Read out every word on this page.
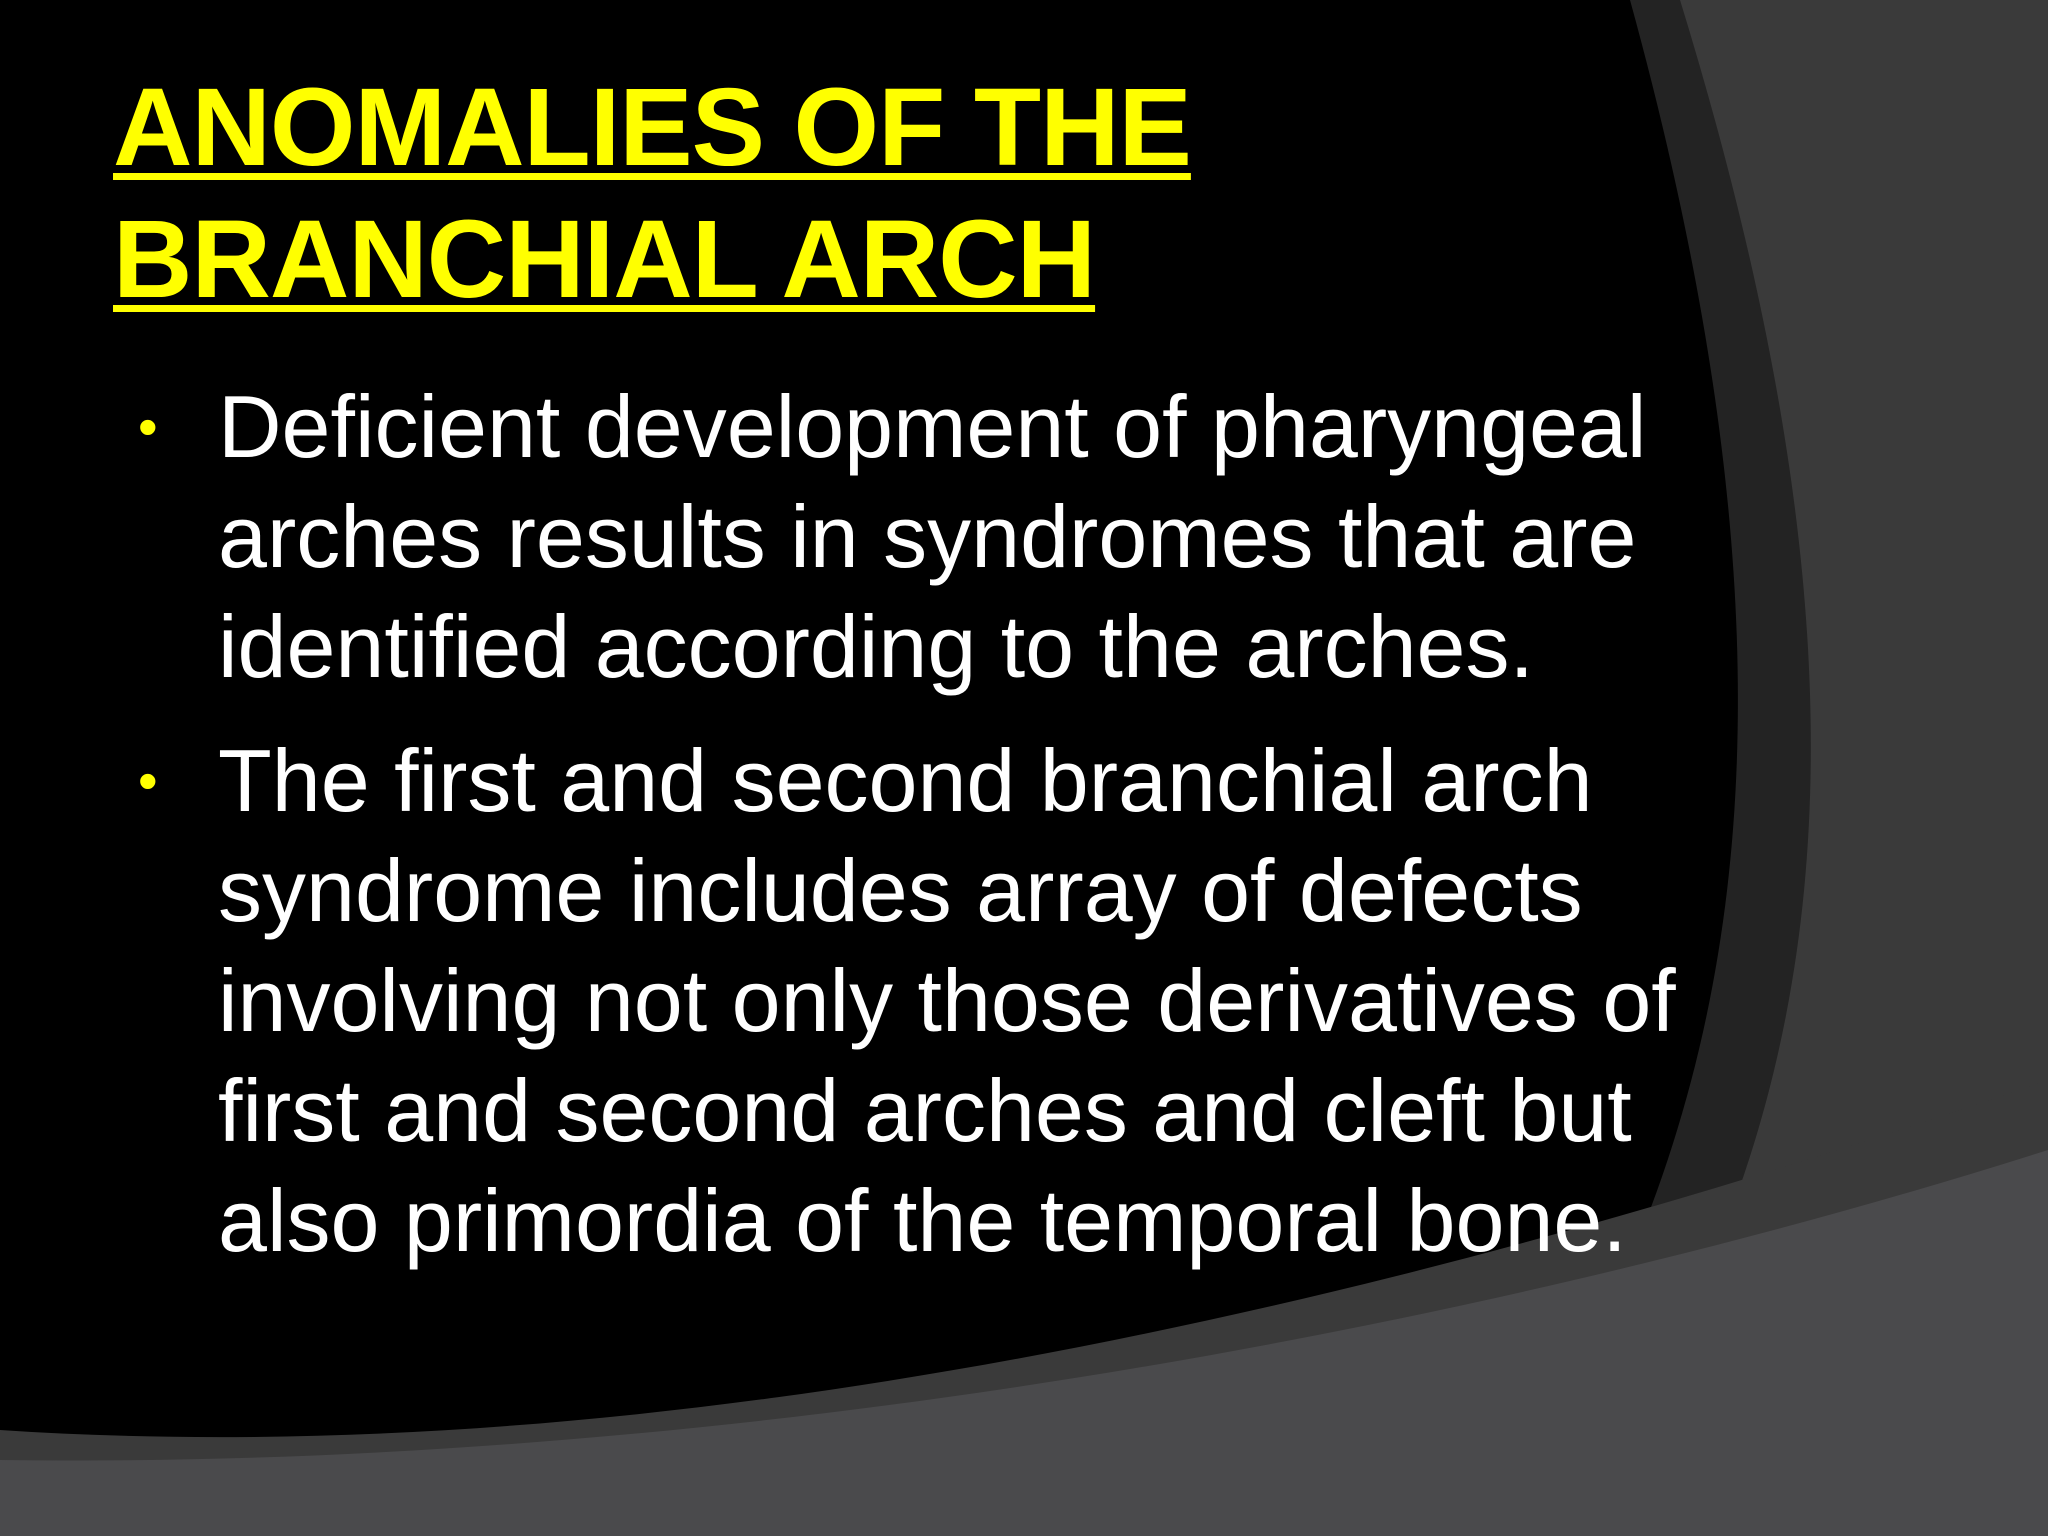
ANOMALIES OF THE
BRANCHIAL ARCH
• Deficient development of pharyngeal
arches results in syndromes that are
identified according to the arches.
• The first and second branchial arch
syndrome includes array of defects
involving not only those derivatives of
first and second arches and cleft but
also primordia of the temporal bone.
